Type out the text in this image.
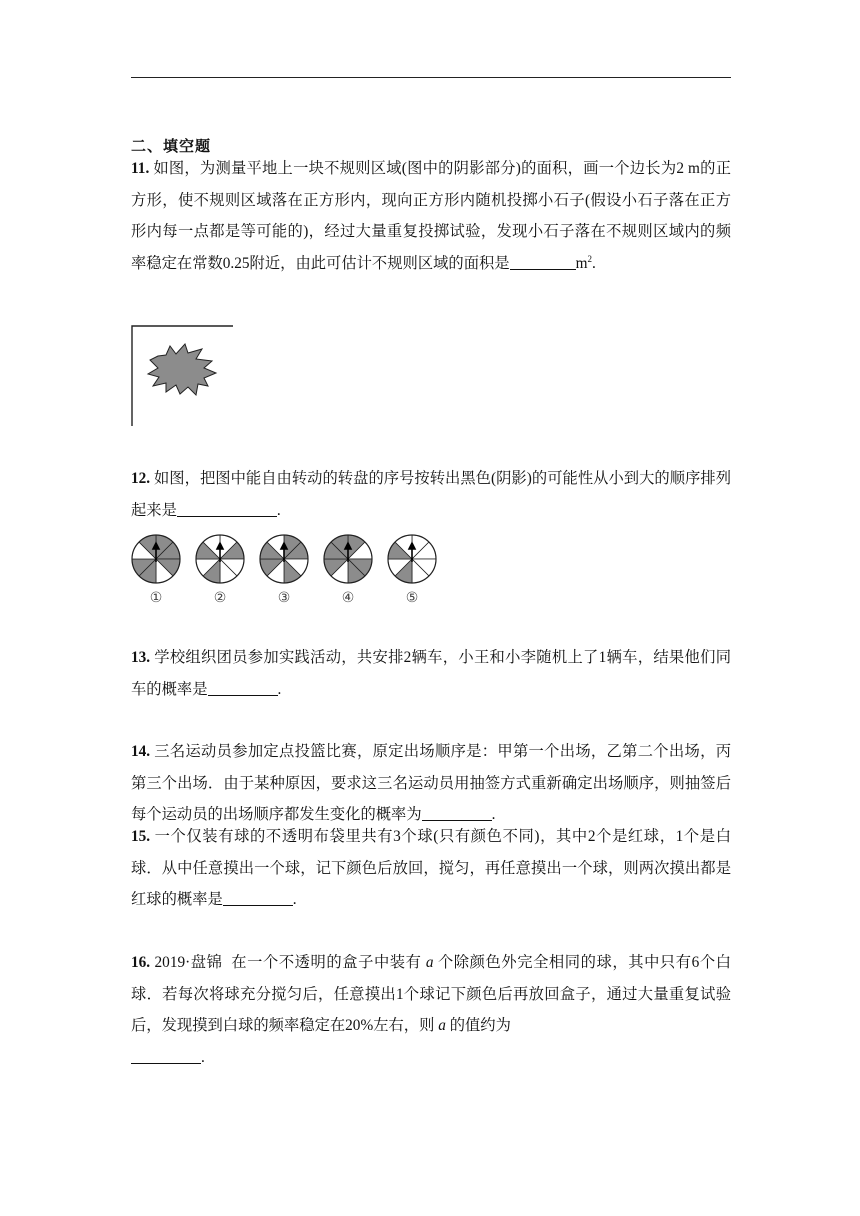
二、填空题
11. 如图，为测量平地上一块不规则区域(图中的阴影部分)的面积，画一个边长为2 m的正方形，使不规则区域落在正方形内，现向正方形内随机投掷小石子(假设小石子落在正方形内每一点都是等可能的)，经过大量重复投掷试验，发现小石子落在不规则区域内的频率稳定在常数0.25附近，由此可估计不规则区域的面积是	$m^2$.
12. 如图，把图中能自由转动的转盘的序号按转出黑色(阴影)的可能性从小到大的顺序排列起来是	.
①	②	③	④	⑤
13. 学校组织团员参加实践活动，共安排2辆车，小王和小李随机上了1辆车，结果他们同车的概率是	.
14. 三名运动员参加定点投篮比赛，原定出场顺序是：甲第一个出场，乙第二个出场，丙第三个出场．由于某种原因，要求这三名运动员用抽签方式重新确定出场顺序，则抽签后每个运动员的出场顺序都发生变化的概率为	.
15. 一个仅装有球的不透明布袋里共有3个球(只有颜色不同)，其中2个是红球，1个是白球．从中任意摸出一个球，记下颜色后放回，搅匀，再任意摸出一个球，则两次摸出都是红球的概率是	.
16. 2019·盘锦 在一个不透明的盒子中装有 a 个除颜色外完全相同的球，其中只有6个白球．若每次将球充分搅匀后，任意摸出1个球记下颜色后再放回盒子，通过大量重复试验后，发现摸到白球的频率稳定在20%左右，则 a 的值约为
.
